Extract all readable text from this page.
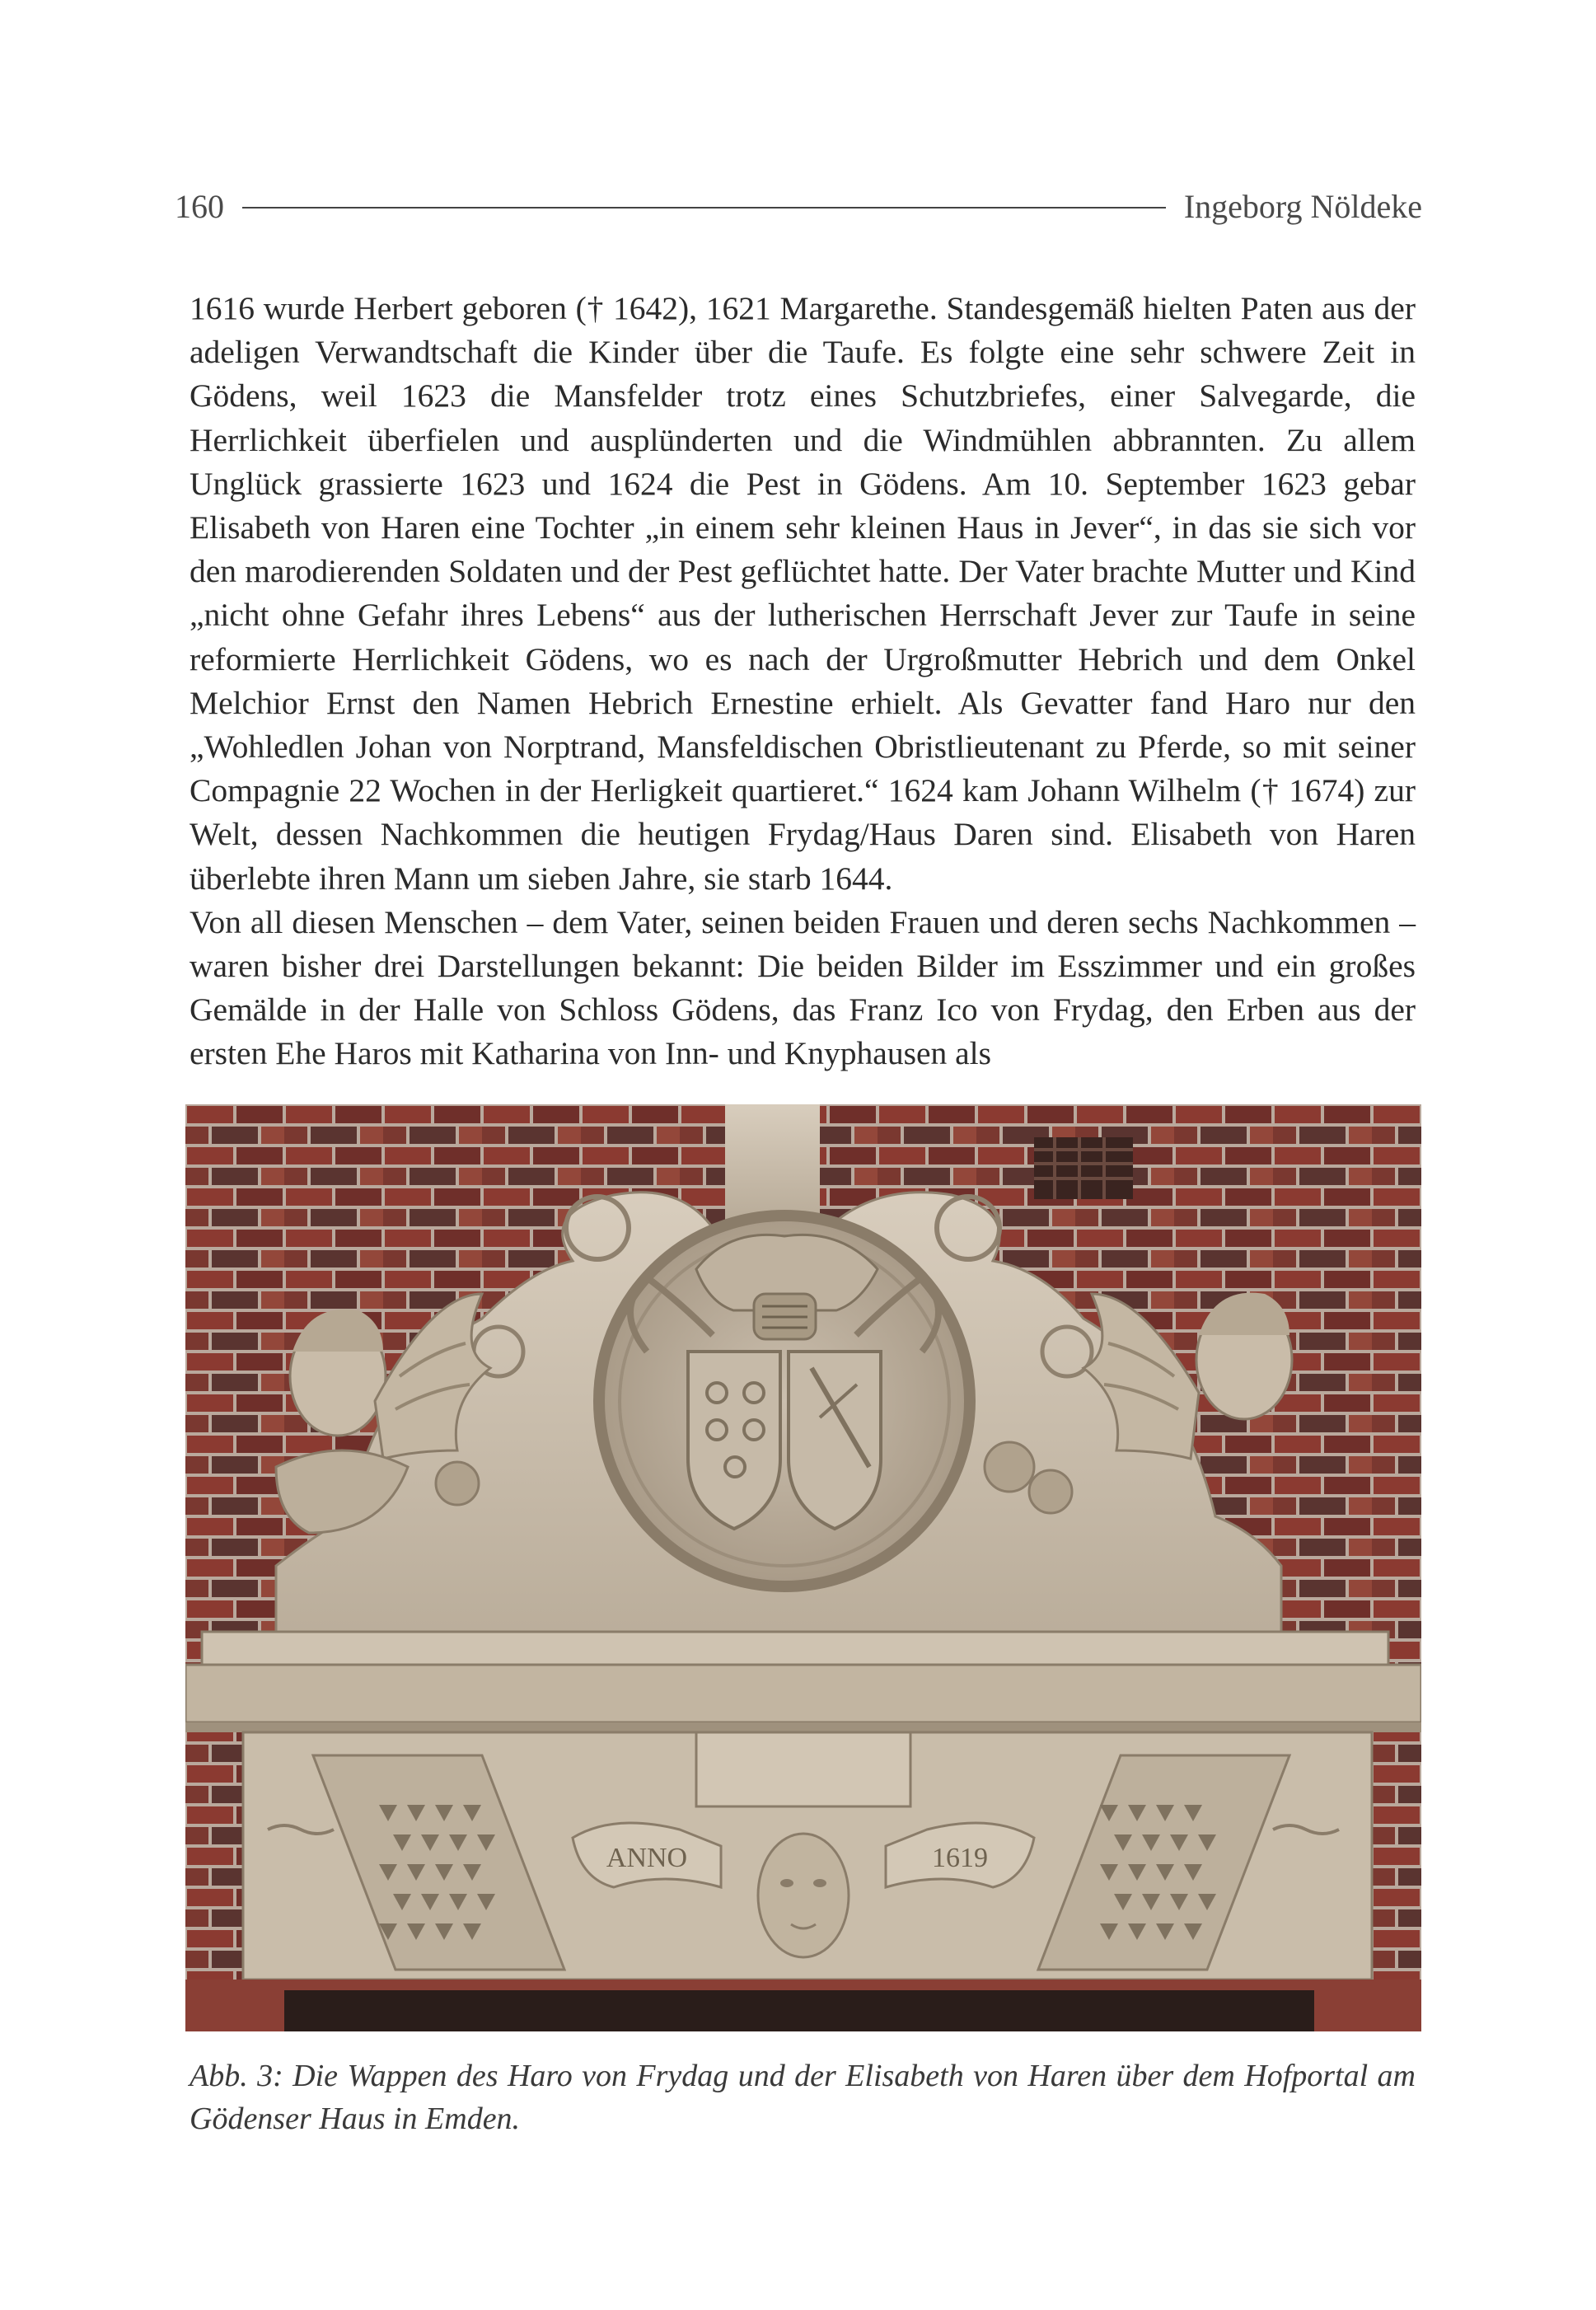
160	Ingeborg Nöldeke

1616 wurde Herbert geboren († 1642), 1621 Margarethe. Standesgemäß hielten Paten aus der adeligen Verwandtschaft die Kinder über die Taufe. Es folgte eine sehr schwere Zeit in Gödens, weil 1623 die Mansfelder trotz eines Schutzbriefes, einer Salvegarde, die Herrlichkeit überfielen und ausplünderten und die Windmühlen abbrannten. Zu allem Unglück grassierte 1623 und 1624 die Pest in Gödens. Am 10. September 1623 gebar Elisabeth von Haren eine Tochter „in einem sehr kleinen Haus in Jever“, in das sie sich vor den marodierenden Soldaten und der Pest geflüchtet hatte. Der Vater brachte Mutter und Kind „nicht ohne Gefahr ihres Lebens“ aus der lutherischen Herrschaft Jever zur Taufe in seine reformierte Herrlichkeit Gödens, wo es nach der Urgroßmutter Hebrich und dem Onkel Melchior Ernst den Namen Hebrich Ernestine erhielt. Als Gevatter fand Haro nur den „Wohledlen Johan von Norptrand, Mansfeldischen Obristlieutenant zu Pferde, so mit seiner Compagnie 22 Wochen in der Herligkeit quartieret.“ 1624 kam Johann Wilhelm († 1674) zur Welt, dessen Nachkommen die heutigen Frydag/Haus Daren sind. Elisabeth von Haren überlebte ihren Mann um sieben Jahre, sie starb 1644.

Von all diesen Menschen – dem Vater, seinen beiden Frauen und deren sechs Nachkommen – waren bisher drei Darstellungen bekannt: Die beiden Bilder im Esszimmer und ein großes Gemälde in der Halle von Schloss Gödens, das Franz Ico von Frydag, den Erben aus der ersten Ehe Haros mit Katharina von Inn- und Knyphausen als

ANNO	1619
Abb. 3: Die Wappen des Haro von Frydag und der Elisabeth von Haren über dem Hofportal am Gödenser Haus in Emden.
